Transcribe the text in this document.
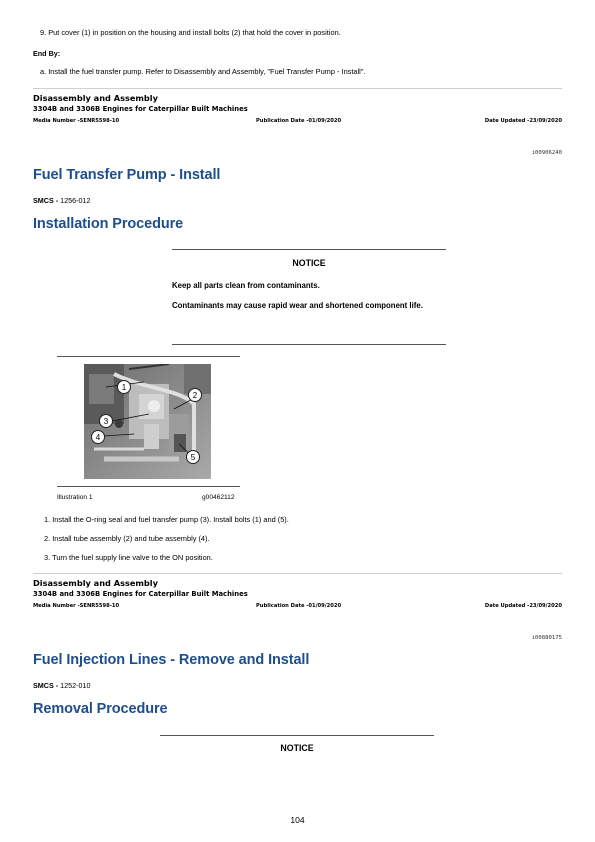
9. Put cover (1) in position on the housing and install bolts (2) that hold the cover in position.
End By:
a. Install the fuel transfer pump. Refer to Disassembly and Assembly, "Fuel Transfer Pump - Install".
Disassembly and Assembly
3304B and 3306B Engines for Caterpillar Built Machines
Media Number -SENR5598-10	Publication Date -01/09/2020	Date Updated -23/09/2020
i00906240
Fuel Transfer Pump - Install
SMCS - 1256-012
Installation Procedure
NOTICE
Keep all parts clean from contaminants.
Contaminants may cause rapid wear and shortened component life.
1
2
3
4
5
Illustration 1	g00462112
1. Install the O-ring seal and fuel transfer pump (3). Install bolts (1) and (5).
2. Install tube assembly (2) and tube assembly (4).
3. Turn the fuel supply line valve to the ON position.
Disassembly and Assembly
3304B and 3306B Engines for Caterpillar Built Machines
Media Number -SENR5598-10	Publication Date -01/09/2020	Date Updated -23/09/2020
i00880175
Fuel Injection Lines - Remove and Install
SMCS - 1252-010
Removal Procedure
NOTICE
104
